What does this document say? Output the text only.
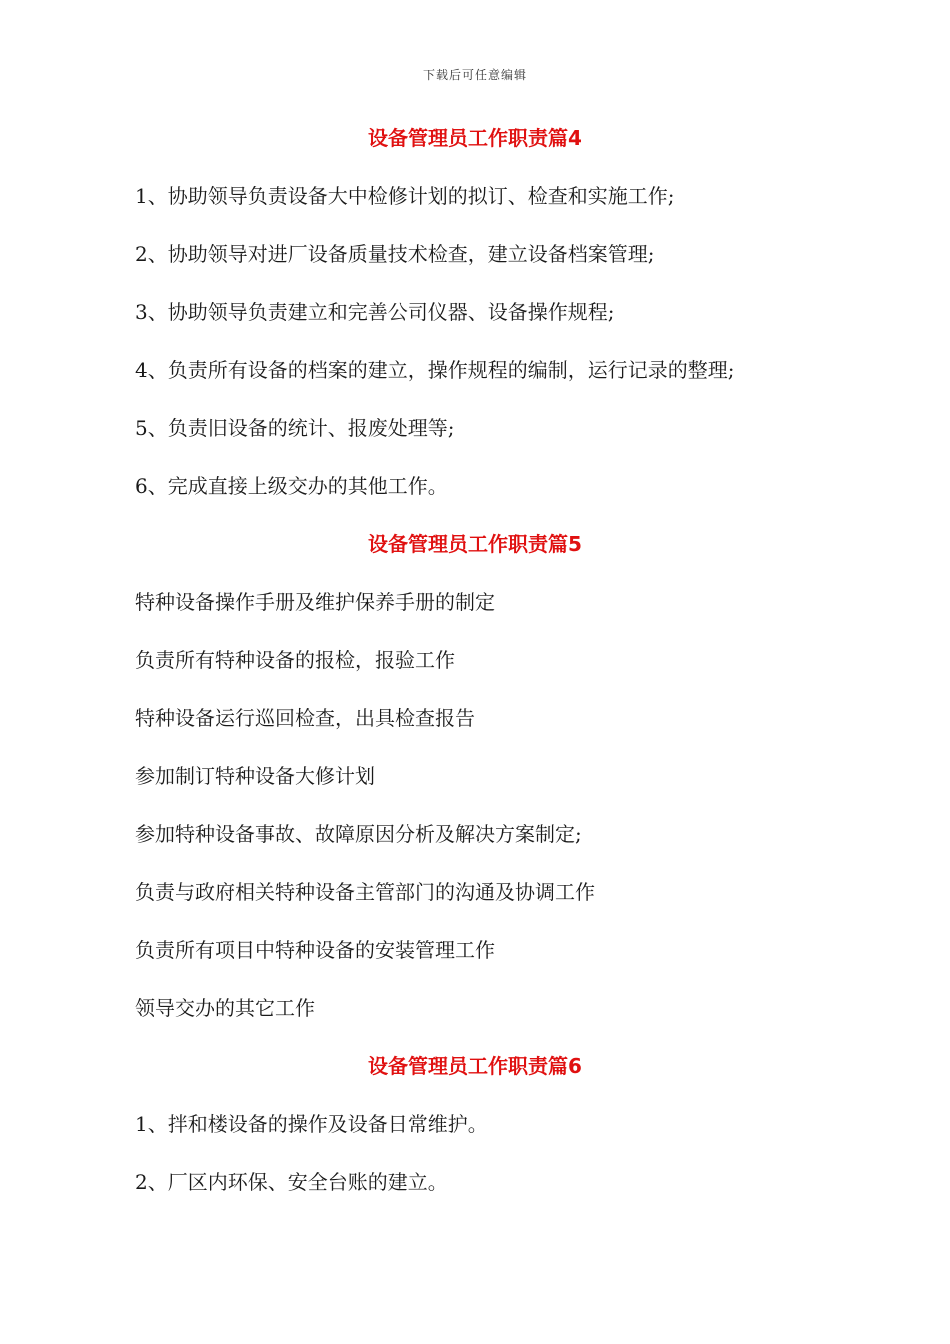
下载后可任意编辑
设备管理员工作职责篇4
1、协助领导负责设备大中检修计划的拟订、检查和实施工作;
2、协助领导对进厂设备质量技术检查，建立设备档案管理;
3、协助领导负责建立和完善公司仪器、设备操作规程;
4、负责所有设备的档案的建立，操作规程的编制，运行记录的整理;
5、负责旧设备的统计、报废处理等;
6、完成直接上级交办的其他工作。
设备管理员工作职责篇5
特种设备操作手册及维护保养手册的制定
负责所有特种设备的报检，报验工作
特种设备运行巡回检查，出具检查报告
参加制订特种设备大修计划
参加特种设备事故、故障原因分析及解决方案制定;
负责与政府相关特种设备主管部门的沟通及协调工作
负责所有项目中特种设备的安装管理工作
领导交办的其它工作
设备管理员工作职责篇6
1、拌和楼设备的操作及设备日常维护。
2、厂区内环保、安全台账的建立。
